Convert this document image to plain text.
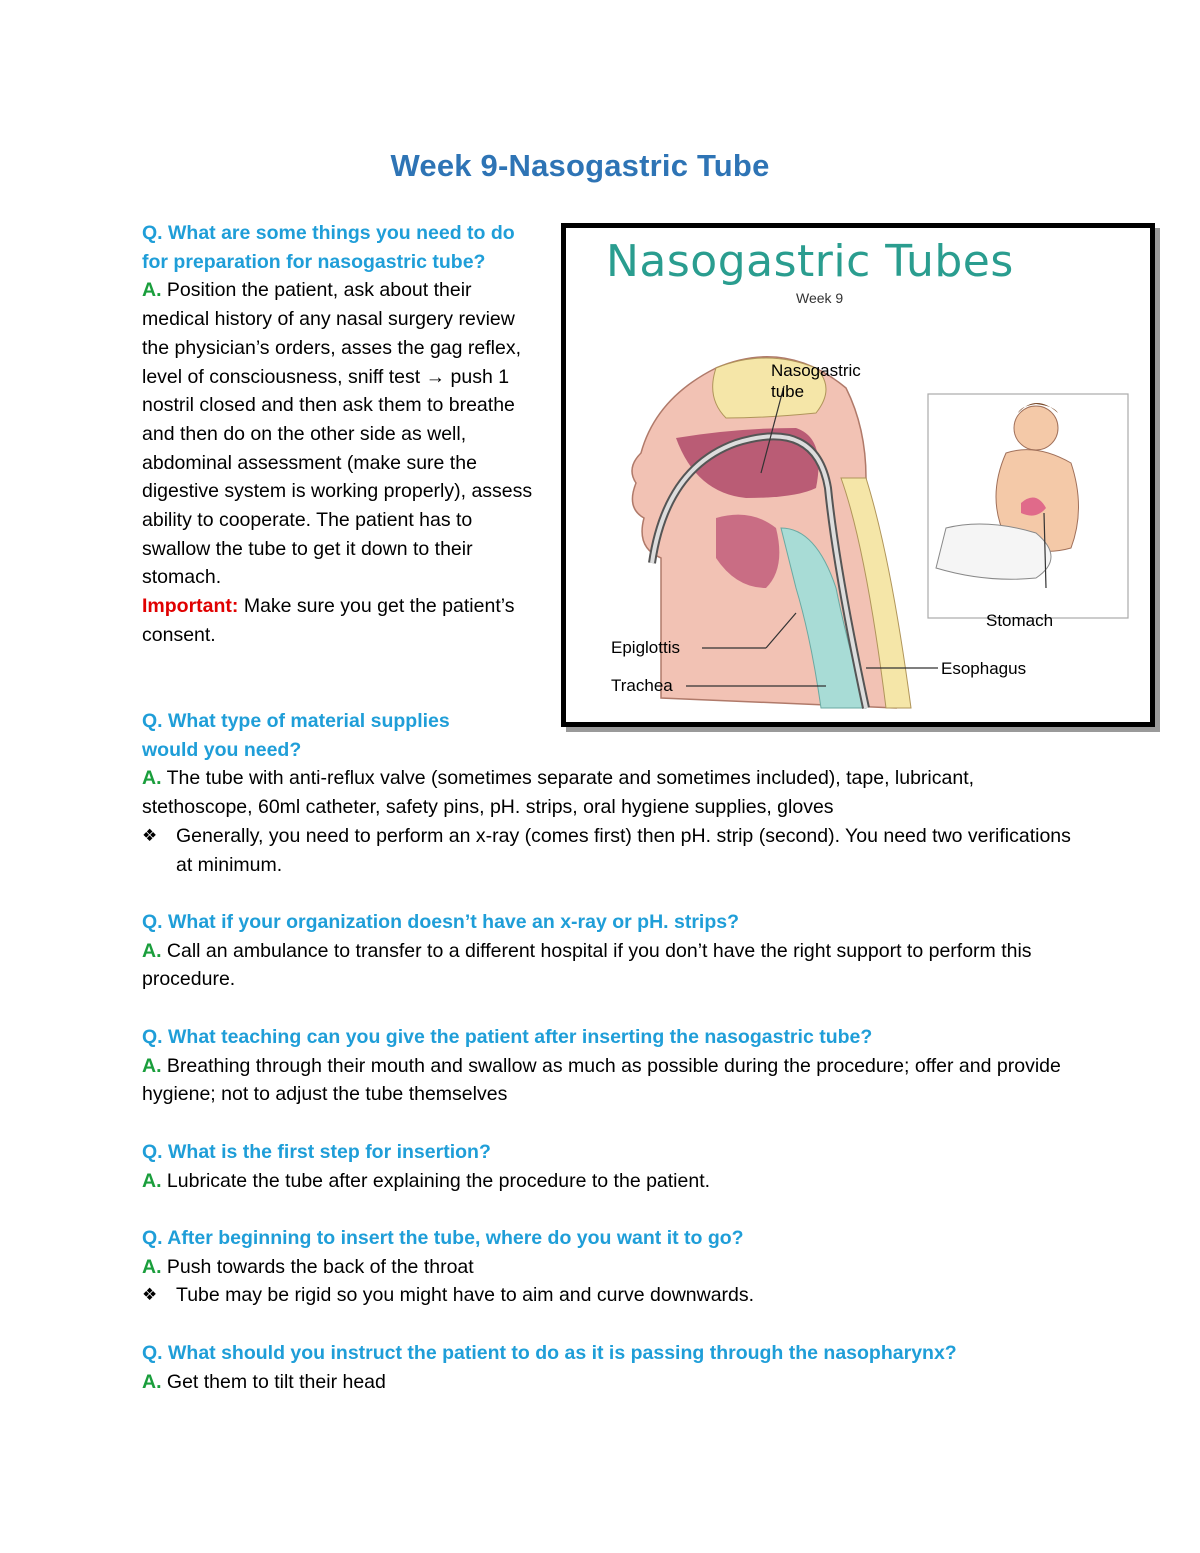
Week 9-Nasogastric Tube
Q. What are some things you need to do for preparation for nasogastric tube?
A. Position the patient, ask about their medical history of any nasal surgery review the physician’s orders, asses the gag reflex, level of consciousness, sniff test → push 1 nostril closed and then ask them to breathe and then do on the other side as well, abdominal assessment (make sure the digestive system is working properly), assess ability to cooperate. The patient has to swallow the tube to get it down to their stomach.
Important: Make sure you get the patient’s consent.
Nasogastric Tubes
Week 9
Nasogastric
tube
Stomach
Epiglottis
Esophagus
Trachea
Q. What type of material supplies would you need?
A. The tube with anti-reflux valve (sometimes separate and sometimes included), tape, lubricant, stethoscope, 60ml catheter, safety pins, pH. strips, oral hygiene supplies, gloves
❖ Generally, you need to perform an x-ray (comes first) then pH. strip (second). You need two verifications at minimum.
Q. What if your organization doesn’t have an x-ray or pH. strips?
A. Call an ambulance to transfer to a different hospital if you don’t have the right support to perform this procedure.
Q. What teaching can you give the patient after inserting the nasogastric tube?
A. Breathing through their mouth and swallow as much as possible during the procedure; offer and provide hygiene; not to adjust the tube themselves
Q. What is the first step for insertion?
A. Lubricate the tube after explaining the procedure to the patient.
Q. After beginning to insert the tube, where do you want it to go?
A. Push towards the back of the throat
❖ Tube may be rigid so you might have to aim and curve downwards.
Q. What should you instruct the patient to do as it is passing through the nasopharynx?
A. Get them to tilt their head
